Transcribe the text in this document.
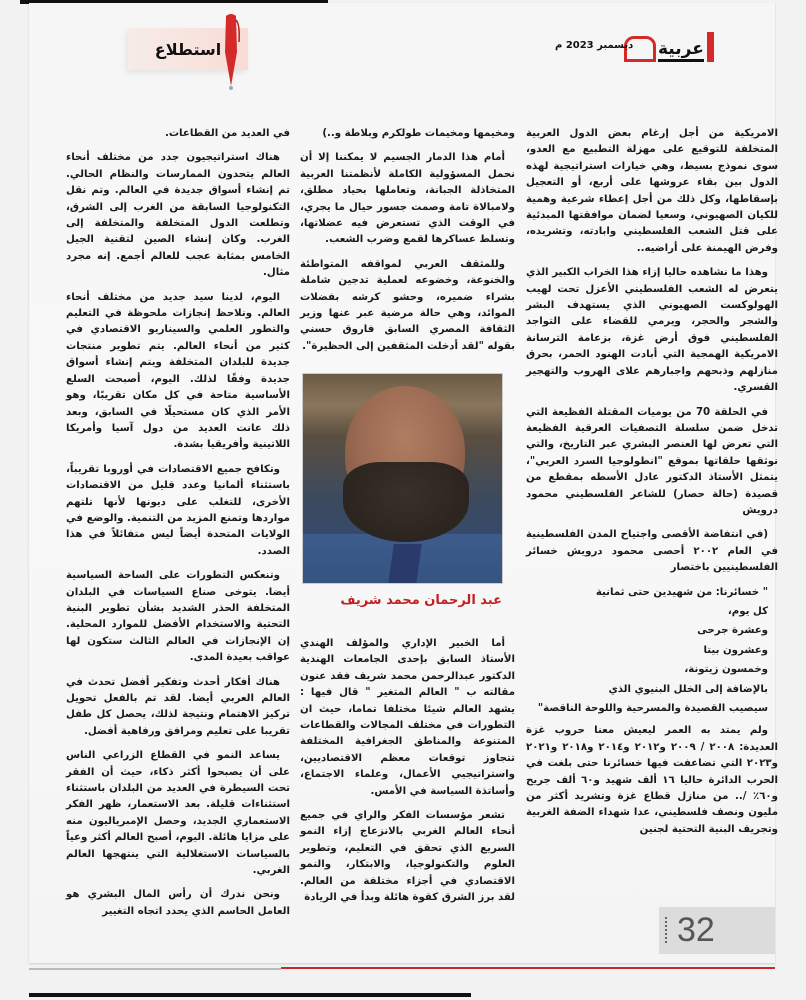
عربية
ديسمبر 2023 م
استطلاع

الامريكية من أجل إرغام بعض الدول العربية المتخلفة للتوقيع على مهزلة التطبيع مع العدو، سوى نموذج بسيط، وهي خيارات استراتيجية لهذه الدول بين بقاء عروشها على أربع، أو التعجيل بإسقاطها، وكل ذلك من أجل إعطاء شرعية وهمية للكيان الصهيوني، وسعيا لضمان موافقتها المبدئية على قتل الشعب الفلسطيني وابادته، وتشريده، وفرض الهيمنة على أراضيه..

وهذا ما نشاهده حاليا إزاء هذا الخراب الكبير الذي يتعرض له الشعب الفلسطيني الأعزل تحت لهيب الهولوكست الصهيوني الذي يستهدف البشر والشجر والحجر، ويرمي للقضاء على التواجد الفلسطيني فوق أرض غزة، بزعامة الترسانة الامريكية الهمجية التي أبادت الهنود الحمر، بحرق منازلهم وذبحهم واجبارهم علاى الهروب والتهجير القسري.

في الحلقة 70 من يوميات المقتلة الفظيعة التي تدخل ضمن سلسلة التصفيات العرقية الفظيعة التي تعرض لها العنصر البشري عبر التاريخ، والتي نوثقها حلقاتها بموقع "انطولوجيا السرد العربي"، يتمثل الأستاذ الدكتور عادل الأسطه بمقطع من قصيدة (حالة حصار) للشاعر الفلسطيني محمود درويش

(في انتفاضة الأقصى واجتياح المدن الفلسطينية في العام ٢٠٠٢ أحصى محمود درويش خسائر الفلسطينيين باختصار

" خسائرنا: من شهيدين حتى ثمانية
كل يوم،
وعشرة جرحى
وعشرون بيتا
وخمسون زيتونة،
بالإضافة إلى الخلل البنيوي الذي
سيصيب القصيدة والمسرحية واللوحة الناقصة"

ولم يمتد به العمر ليعيش معنا حروب غزة العديدة: ٢٠٠٨ / ٢٠٠٩ و٢٠١٢ و٢٠١٤ و٢٠١٨ و٢٠٢١ و٢٠٢٣ التي تضاعفت فيها خسائرنا حتى بلغت في الحرب الدائرة حاليا ١٦ ألف شهيد و٦٠ ألف جريح و٦٠٪ /.. من منازل قطاع غزة وتشريد أكثر من مليون ونصف فلسطيني، عدا شهداء الضفة الغربية وتجريف البنية التحتية لجنين

ومخيمها ومخيمات طولكرم وبلاطة و..)

أمام هذا الدمار الجسيم لا يمكننا إلا أن نحمل المسؤولية الكاملة لأنظمتنا العربية المتخاذلة الجبانة، وتعاملها بحياد مطلق، ولامبالاة تامة وصمت جسور حيال ما يجري، في الوقت الذي تستعرض فيه عضلاتها، وتسلط عساكرها لقمع وضرب الشعب.

وللمثقف العربي لمواقفه المتواطئة والخنوعة، وخضوعه لعملية تدجين شاملة بشراء ضميره، وحشو كرشه بفضلات الموائد، وهي حالة مرضية عبر عنها وزير الثقافة المصري السابق فاروق حسني بقوله "لقد أدخلت المثقفين إلى الحظيرة".

عبد الرحمان محمد شريف

أما الخبير الإداري والمؤلف الهندي الأستاذ السابق بإحدى الجامعات الهندية الدكتور عبدالرحمن محمد شريف فقد عنون مقالته ب " العالم المتغير " قال فيها : يشهد العالم شيئا مختلفا تماما، حيث ان التطورات في مختلف المجالات والقطاعات المتنوعة والمناطق الجغرافية المختلفة تتجاوز توقعات معظم الاقتصاديين، واستراتيجيي الأعمال، وعلماء الاجتماع، وأساتذة السياسة في الأمس.

تشعر مؤسسات الفكر والراي في جميع أنحاء العالم الغربي بالانزعاج إزاء النمو السريع الذي تحقق في التعليم، وتطوير العلوم والتكنولوجيا، والابتكار، والنمو الاقتصادي في أجزاء مختلفة من العالم. لقد برز الشرق كقوة هائلة وبدأ في الريادة

في العديد من القطاعات.

هناك استراتيجيون جدد من مختلف أنحاء العالم يتحدون الممارسات والنظام الحالي. تم إنشاء أسواق جديدة في العالم. وتم نقل التكنولوجيا السابقة من الغرب إلى الشرق، وتطلعت الدول المتخلفة والمتخلفة إلى الغرب. وكان إنشاء الصين لتقنية الجيل الخامس بمثابة عجب للعالم أجمع. إنه مجرد مثال.

اليوم، لدينا سيد جديد من مختلف أنحاء العالم. ونلاحظ إنجازات ملحوظة في التعليم والتطور العلمي والسيناريو الاقتصادي في كثير من أنحاء العالم. يتم تطوير منتجات جديدة للبلدان المتخلفة ويتم إنشاء أسواق جديدة وفقًا لذلك. اليوم، أصبحت السلع الأساسية متاحة في كل مكان تقريبًا، وهو الأمر الذي كان مستحيلًا في السابق، وبعد ذلك عانت العديد من دول آسيا وأمريكا اللاتينية وأفريقيا بشدة.

وتكافح جميع الاقتصادات في أوروبا تقريباً، باستثناء ألمانيا وعدد قليل من الاقتصادات الأخرى، للتغلب على ديونها لأنها تلتهم مواردها وتمنع المزيد من التنمية. والوضع في الولايات المتحدة أيضاً ليس متفائلاً في هذا الصدد.

وتنعكس التطورات على الساحة السياسية أيضا. يتوخى صناع السياسات في البلدان المتخلفة الحذر الشديد بشأن تطوير البنية التحتية والاستخدام الأفضل للموارد المحلية. إن الإنجازات في العالم الثالث ستكون لها عواقب بعيدة المدى.

هناك أفكار أحدث وتفكير أفضل تحدث في العالم العربي أيضا. لقد تم بالفعل تحويل تركيز الاهتمام ونتيجة لذلك، يحصل كل طفل تقريبا على تعليم ومرافق ورفاهية أفضل.

يساعد النمو في القطاع الزراعي الناس على أن يصبحوا أكثر ذكاء، حيث أن الفقر تحت السيطرة في العديد من البلدان باستثناء استثناءات قليلة. بعد الاستعمار، ظهر الفكر الاستعماري الجديد، وحصل الإمبرياليون منه على مزايا هائلة. اليوم، أصبح العالم أكثر وعياً بالسياسات الاستغلالية التي ينتهجها العالم الغربي.

ونحن ندرك أن رأس المال البشري هو العامل الحاسم الذي يحدد اتجاه التغيير	32
